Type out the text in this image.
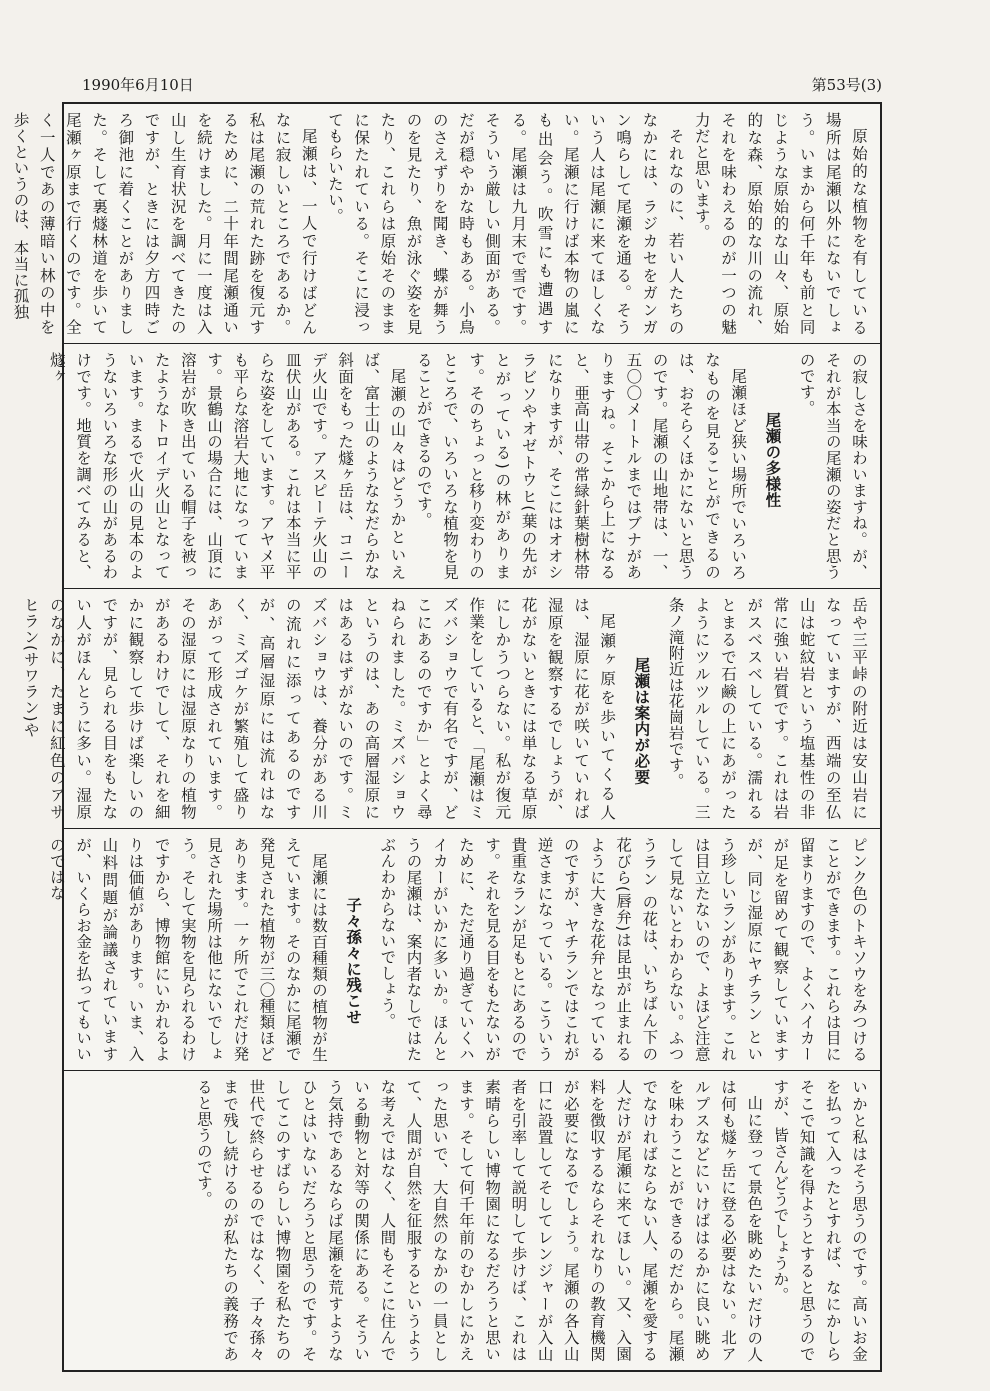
1990年6月10日	第53号(3)

原始的な植物を有している場所は尾瀬以外にないでしょう。いまから何千年も前と同じような原始的な山々、原始的な森、原始的な川の流れ、それを味わえるのが一つの魅力だと思います。

それなのに、若い人たちのなかには、ラジカセをガンガン鳴らして尾瀬を通る。そういう人は尾瀬に来てほしくない。尾瀬に行けば本物の嵐にも出会う。吹雪にも遭遇する。尾瀬は九月末で雪です。そういう厳しい側面がある。だが穏やかな時もある。小鳥のさえずりを聞き、蝶が舞うのを見たり、魚が泳ぐ姿を見たり、これらは原始そのままに保たれている。そこに浸ってもらいたい。

尾瀬は、一人で行けばどんなに寂しいところであるか。私は尾瀬の荒れた跡を復元するために、二十年間尾瀬通いを続けました。月に一度は入山し生育状況を調べてきたのですが、ときには夕方四時ごろ御池に着くことがありました。そして裏燧林道を歩いて尾瀬ヶ原まで行くのです。全く一人であの薄暗い林の中を歩くというのは、本当に孤独

の寂しさを味わいますね。が、それが本当の尾瀬の姿だと思うのです。

尾瀬の多様性

尾瀬ほど狭い場所でいろいろなものを見ることができるのは、おそらくほかにないと思うのです。尾瀬の山地帯は、一、五〇〇メートルまではブナがありますね。そこから上になると、亜高山帯の常緑針葉樹林帯になりますが、そこにはオオシラビソやオゼトウヒ(葉の先がとがっている)の林があります。そのちょっと移り変わりのところで、いろいろな植物を見ることができるのです。

尾瀬の山々はどうかといえば、富士山のようななだらかな斜面をもった燧ヶ岳は、コニーデ火山です。アスピーテ火山の皿伏山がある。これは本当に平らな姿をしています。アヤメ平も平らな溶岩大地になっています。景鶴山の場合には、山頂に溶岩が吹き出ている帽子を被ったようなトロイデ火山となっています。まるで火山の見本のようないろいろな形の山があるわけです。地質を調べてみると、燧ヶ

岳や三平峠の附近は安山岩になっていますが、西端の至仏山は蛇紋岩という塩基性の非常に強い岩質です。これは岩がスベスベしている。濡れるとまるで石鹸の上にあがったようにツルツルしている。三条ノ滝附近は花崗岩です。

尾瀬は案内が必要

尾瀬ヶ原を歩いてくる人は、湿原に花が咲いていれば湿原を観察するでしょうが、花がないときには単なる草原にしかうつらない。私が復元作業をしていると、「尾瀬はミズバショウで有名ですが、どこにあるのですか」とよく尋ねられました。ミズバショウというのは、あの高層湿原にはあるはずがないのです。ミズバショウは、養分がある川の流れに添ってあるのですが、高層湿原には流れはなく、ミズゴケが繁殖して盛りあがって形成されています。その湿原には湿原なりの植物があるわけでして、それを細かに観察して歩けば楽しいのですが、見られる目をもたない人がほんとうに多い。湿原のなかに、たまに紅色のアサヒラン(サワラン)や

ピンク色のトキソウをみつけることができます。これらは目に留まりますので、よくハイカーが足を留めて観察していますが、同じ湿原にヤチラン という珍しいランがあります。これは目立たないので、よほど注意して見ないとわからない。ふつうラン の花は、いちばん下の花びら(唇弁)は昆虫が止まれるように大きな花弁となっているのですが、ヤチランではこれが逆さまになっている。こういう貴重なランが足もとにあるのです。それを見る目をもたないがために、ただ通り過ぎていくハイカーがいかに多いか。ほんとうの尾瀬は、案内者なしではたぶんわからないでしょう。

子々孫々に残こせ

尾瀬には数百種類の植物が生えています。そのなかに尾瀬で発見された植物が三〇種類ほどあります。一ヶ所でこれだけ発見された場所は他にないでしょう。そして実物を見られるわけですから、博物館にいかれるよりは価値があります。いま、入山料問題が論議されていますが、いくらお金を払ってもいいのではな

いかと私はそう思うのです。高いお金を払って入ったとすれば、なにかしらそこで知識を得ようとすると思うのですが、皆さんどうでしょうか。

山に登って景色を眺めたいだけの人は何も燧ヶ岳に登る必要はない。北アルプスなどにいけばはるかに良い眺めを味わうことができるのだから。尾瀬でなければならない人、尾瀬を愛する人だけが尾瀬に来てほしい。又、入園料を徴収するならそれなりの教育機関が必要になるでしょう。尾瀬の各入山口に設置してそしてレンジャーが入山者を引率して説明して歩けば、これは素晴らしい博物園になるだろうと思います。そして何千年前のむかしにかえった思いで、大自然のなかの一員として、人間が自然を征服するというような考えではなく、人間もそこに住んでいる動物と対等の関係にある。そういう気持であるならば尾瀬を荒すようなひとはいないだろうと思うのです。そしてこのすばらしい博物園を私たちの世代で終らせるのではなく、子々孫々まで残し続けるのが私たちの義務であると思うのです。
